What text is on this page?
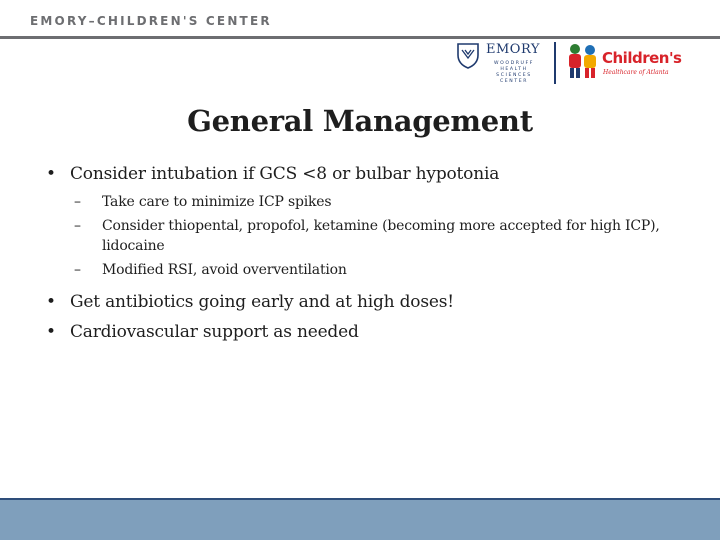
EMORY–CHILDREN'S CENTER
EMORY
WOODRUFF
HEALTH
SCIENCES
CENTER
Children's
Healthcare of Atlanta
General Management
• Consider intubation if GCS <8 or bulbar hypotonia
–	Take care to minimize ICP spikes
–	Consider thiopental, propofol, ketamine (becoming more accepted for high ICP), lidocaine
–	Modified RSI, avoid overventilation
• Get antibiotics going early and at high doses!
• Cardiovascular support as needed
